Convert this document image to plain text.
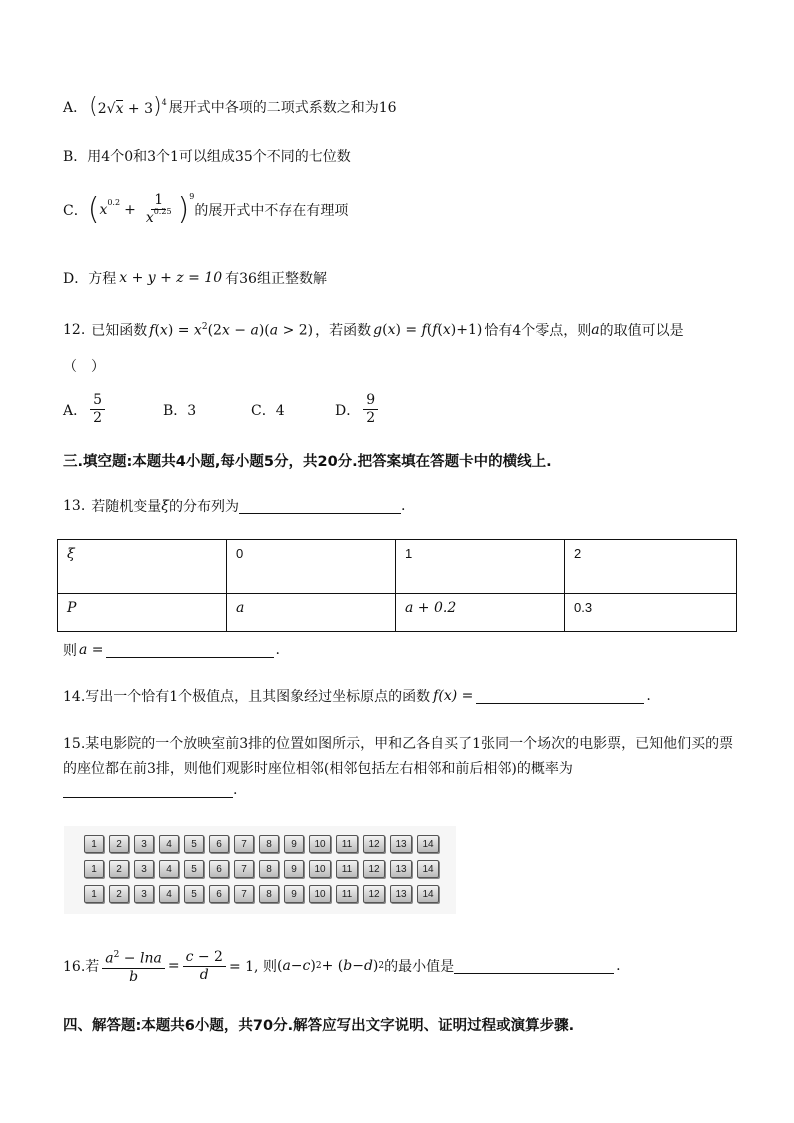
A． $(2√x + 3)^4$ 展开式中各项的二项式系数之和为16
B． 用4个0和3个1可以组成35个不同的七位数
C． ( x $0.2 + \frac{1}{x^{0.25}}$ ) 9
的展开式中不存在有理项
D． 方程 x + y + z = 10 有36组正整数解
12. 已知函数 $f(x) = x^2(2x - a)(a > 2)$ ，若函数 g(x) = f(f(x)+1) 恰有4个零点，则 a 的取值可以是
（　）
A． $\frac{5}{2}$	B．3	C．4	D． $\frac{9}{2}$
三.填空题:本题共4小题,每小题5分，共20分.把答案填在答题卡中的横线上.
13. 若随机变量 ξ 的分布列为	.
ξ	0	1	2
P	a	a + 0.2	0.3
则 a =	.
14.写出一个恰有1个极值点，且其图象经过坐标原点的函数 f(x) =	.
15.某电影院的一个放映室前3排的位置如图所示，甲和乙各自买了1张同一个场次的电影票，已知他们买的票
的座位都在前3排，则他们观影时座位相邻(相邻包括左右相邻和前后相邻)的概率为
.
1	2	3	4	5	6	7	8	9	10	11	12	13	14
1	2	3	4	5	6	7	8	9	10	11	12	13	14
1	2	3	4	5	6	7	8	9	10	11	12	13	14
16.若 $\frac{a^2 - \ln a}{b} = \frac{c - 2}{d} = 1$, 则 ( a − c ) 2 + ( b − d ) 2 的最小值是	.
四、解答题:本题共6小题，共70分.解答应写出文字说明、证明过程或演算步骤.
